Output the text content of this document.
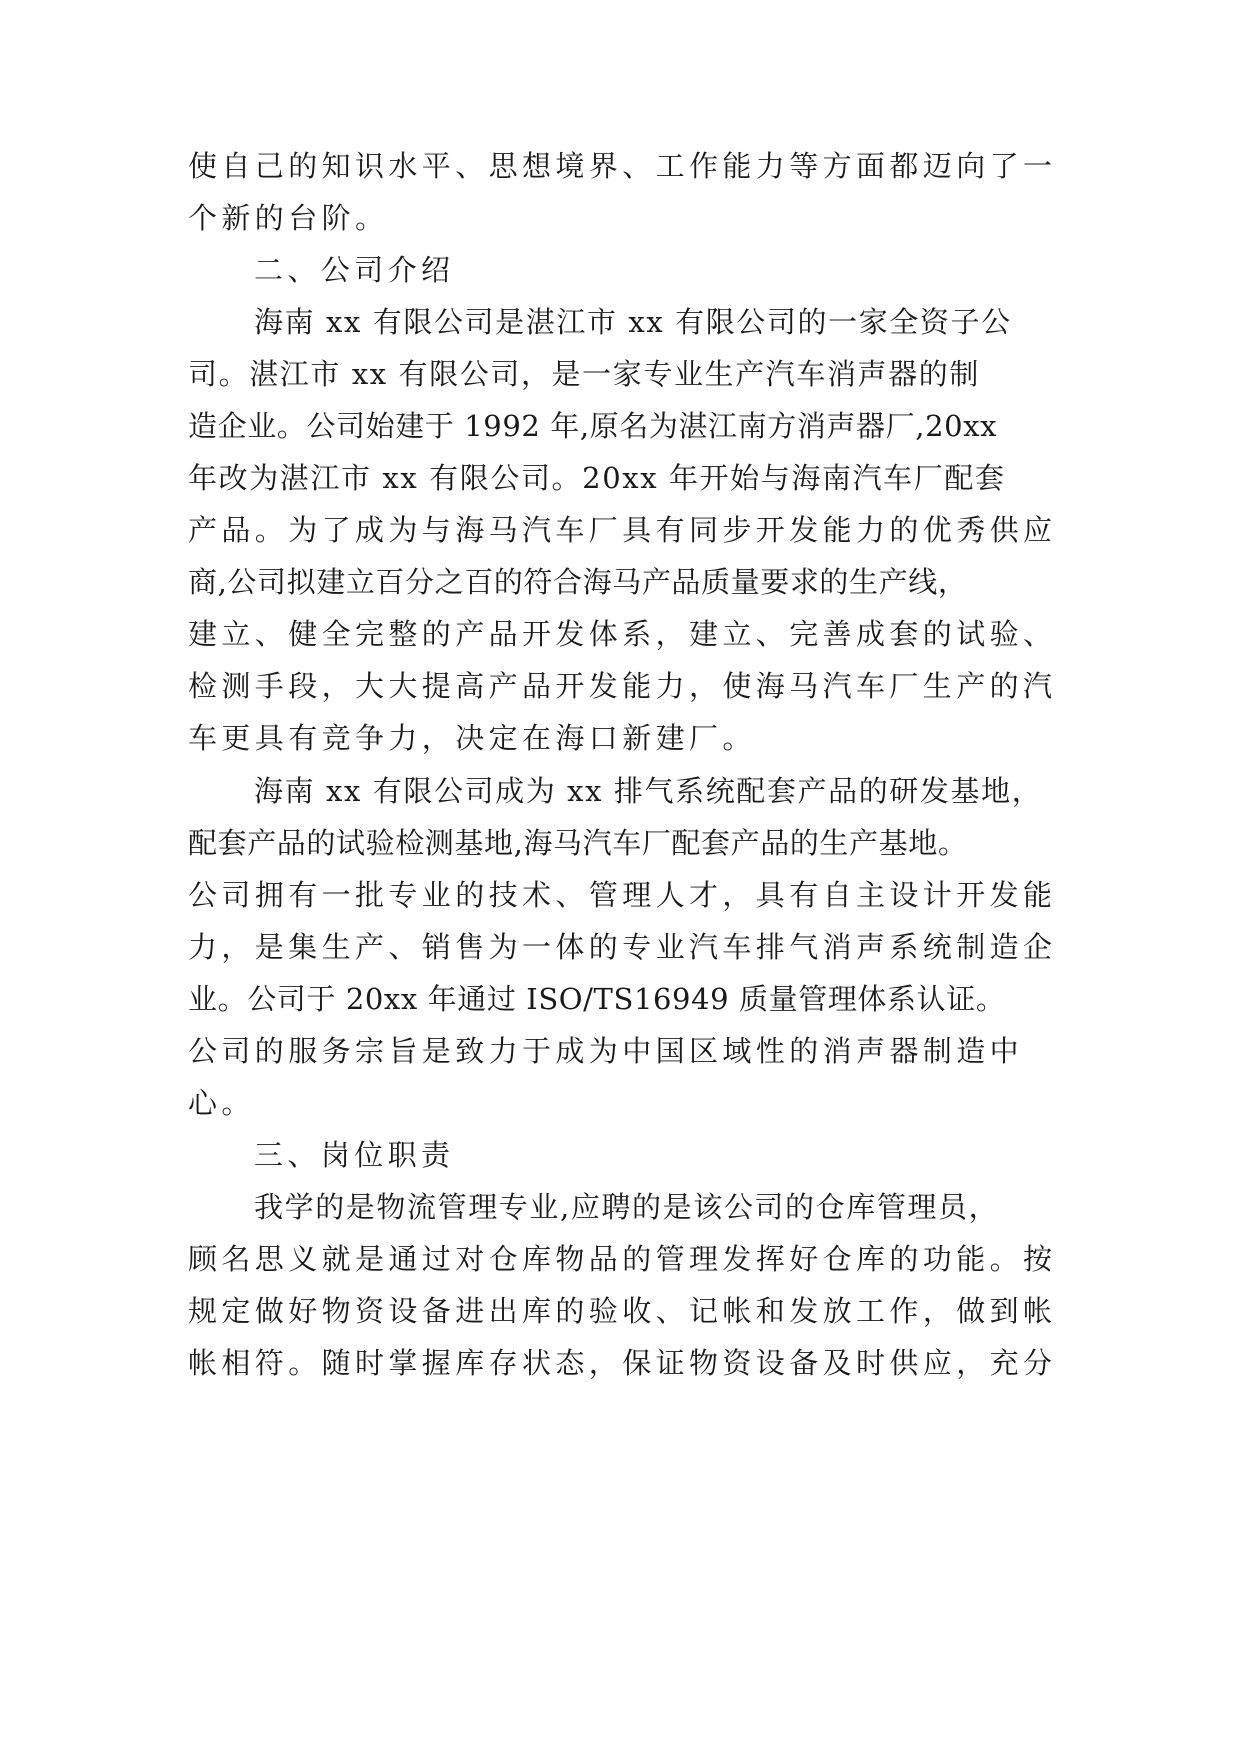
使自己的知识水平、思想境界、工作能力等方面都迈向了一
个新的台阶。
二、公司介绍
海南 xx 有限公司是湛江市 xx 有限公司的一家全资子公
司。湛江市 xx 有限公司，是一家专业生产汽车消声器的制
造企业。公司始建于 1992 年,原名为湛江南方消声器厂,20xx
年改为湛江市 xx 有限公司。20xx 年开始与海南汽车厂配套
产品。为了成为与海马汽车厂具有同步开发能力的优秀供应
商,公司拟建立百分之百的符合海马产品质量要求的生产线，
建立、健全完整的产品开发体系，建立、完善成套的试验、
检测手段，大大提高产品开发能力，使海马汽车厂生产的汽
车更具有竞争力，决定在海口新建厂。
海南 xx 有限公司成为 xx 排气系统配套产品的研发基地，
配套产品的试验检测基地,海马汽车厂配套产品的生产基地。
公司拥有一批专业的技术、管理人才，具有自主设计开发能
力，是集生产、销售为一体的专业汽车排气消声系统制造企
业。公司于 20xx 年通过 ISO/TS16949 质量管理体系认证。
公司的服务宗旨是致力于成为中国区域性的消声器制造中
心。
三、岗位职责
我学的是物流管理专业,应聘的是该公司的仓库管理员，
顾名思义就是通过对仓库物品的管理发挥好仓库的功能。按
规定做好物资设备进出库的验收、记帐和发放工作，做到帐
帐相符。随时掌握库存状态，保证物资设备及时供应，充分
